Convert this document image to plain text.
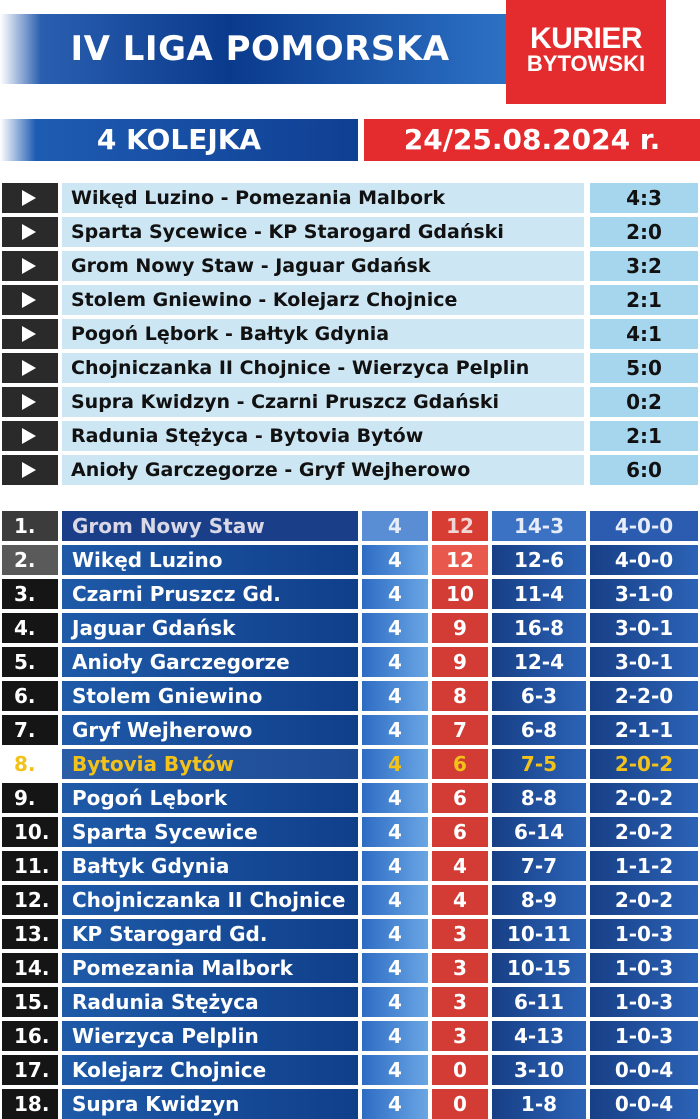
IV LIGA POMORSKA	KURIER
BYTOWSKI
4 KOLEJKA	24/25.08.2024 r.
Wikęd Luzino - Pomezania Malbork	4:3
Sparta Sycewice - KP Starogard Gdański	2:0
Grom Nowy Staw - Jaguar Gdańsk	3:2
Stolem Gniewino - Kolejarz Chojnice	2:1
Pogoń Lębork - Bałtyk Gdynia	4:1
Chojniczanka II Chojnice - Wierzyca Pelplin	5:0
Supra Kwidzyn - Czarni Pruszcz Gdański	0:2
Radunia Stężyca - Bytovia Bytów	2:1
Anioły Garczegorze - Gryf Wejherowo	6:0
1.	Grom Nowy Staw	4	12	14-3	4-0-0
2.	Wikęd Luzino	4	12	12-6	4-0-0
3.	Czarni Pruszcz Gd.	4	10	11-4	3-1-0
4.	Jaguar Gdańsk	4	9	16-8	3-0-1
5.	Anioły Garczegorze	4	9	12-4	3-0-1
6.	Stolem Gniewino	4	8	6-3	2-2-0
7.	Gryf Wejherowo	4	7	6-8	2-1-1
8.	Bytovia Bytów	4	6	7-5	2-0-2
9.	Pogoń Lębork	4	6	8-8	2-0-2
10.	Sparta Sycewice	4	6	6-14	2-0-2
11.	Bałtyk Gdynia	4	4	7-7	1-1-2
12.	Chojniczanka II Chojnice	4	4	8-9	2-0-2
13.	KP Starogard Gd.	4	3	10-11	1-0-3
14.	Pomezania Malbork	4	3	10-15	1-0-3
15.	Radunia Stężyca	4	3	6-11	1-0-3
16.	Wierzyca Pelplin	4	3	4-13	1-0-3
17.	Kolejarz Chojnice	4	0	3-10	0-0-4
18.	Supra Kwidzyn	4	0	1-8	0-0-4
